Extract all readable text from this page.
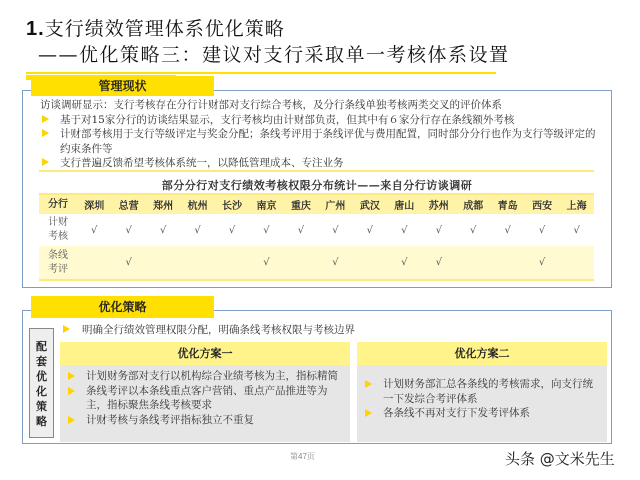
1.支行绩效管理体系优化策略
——优化策略三：建议对支行采取单一考核体系设置
访谈调研显示：支行考核存在分行计财部对支行综合考核，及分行条线单独考核两类交叉的评价体系
基于对15家分行的访谈结果显示，支行考核均由计财部负责，但其中有６家分行存在条线额外考核
计财部考核用于支行等级评定与奖金分配；条线考评用于条线评优与费用配置，同时部分分行也作为支行等级评定的约束条件等
支行普遍反馈希望考核体系统一，以降低管理成本、专注业务
部分分行对支行绩效考核权限分布统计——来自分行访谈调研
分行	深圳	总营	郑州	杭州	长沙	南京	重庆	广州	武汉	唐山	苏州	成都	青岛	西安	上海
计财
考核	√	√	√	√	√	√	√	√	√	√	√	√	√	√	√
条线
考评		√				√		√		√	√			√	
管理现状
配
套
优
化
策
略
明确全行绩效管理权限分配，明确条线考核权限与考核边界
优化方案一
计划财务部对支行以机构综合业绩考核为主，指标精简
条线考评以本条线重点客户营销、重点产品推进等为主，指标聚焦条线考核要求
计财考核与条线考评指标独立不重复
优化方案二
计划财务部汇总各条线的考核需求，向支行统一下发综合考评体系
各条线不再对支行下发考评体系
优化策略
第47页	头条 @文米先生
